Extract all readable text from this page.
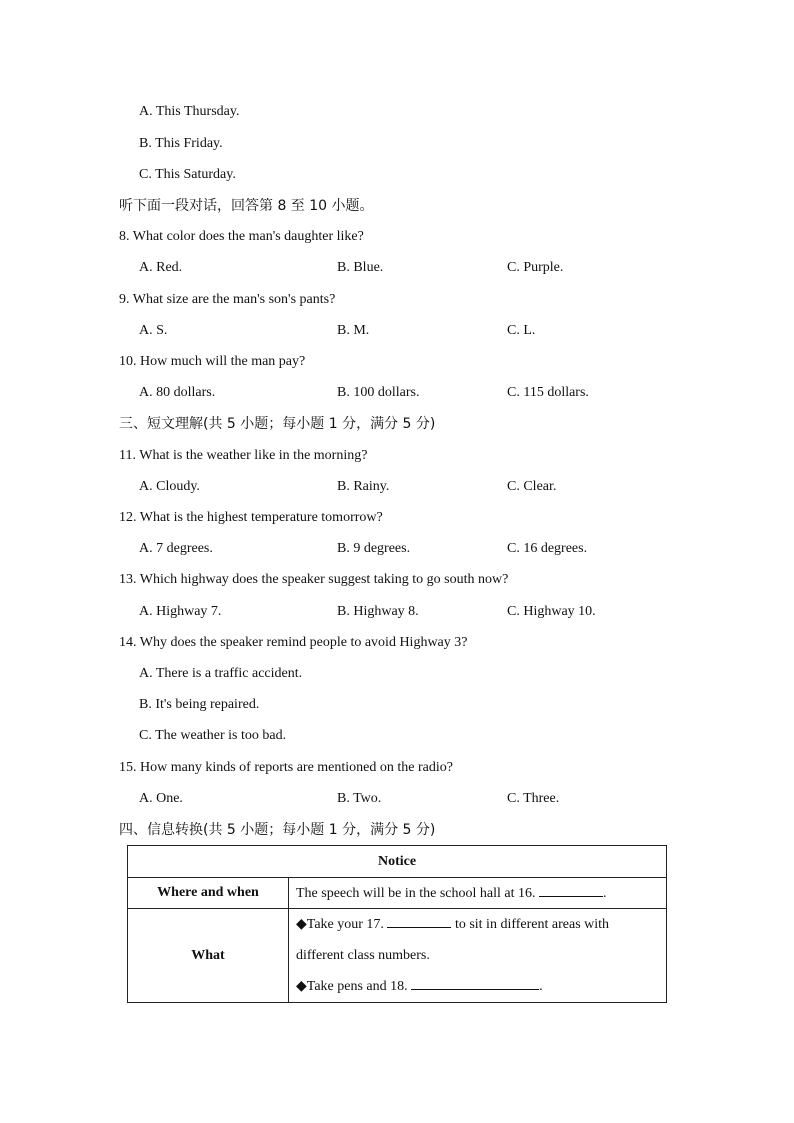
A. This Thursday.
B. This Friday.
C. This Saturday.
听下面一段对话，回答第 8 至 10 小题。
8. What color does the man's daughter like?
A. Red.	B. Blue.	C. Purple.
9. What size are the man's son's pants?
A. S.	B. M.	C. L.
10. How much will the man pay?
A. 80 dollars.	B. 100 dollars.	C. 115 dollars.
三、短文理解(共 5 小题；每小题 1 分，满分 5 分)
11. What is the weather like in the morning?
A. Cloudy.	B. Rainy.	C. Clear.
12. What is the highest temperature tomorrow?
A. 7 degrees.	B. 9 degrees.	C. 16 degrees.
13. Which highway does the speaker suggest taking to go south now?
A. Highway 7.	B. Highway 8.	C. Highway 10.
14. Why does the speaker remind people to avoid Highway 3?
A. There is a traffic accident.
B. It's being repaired.
C. The weather is too bad.
15. How many kinds of reports are mentioned on the radio?
A. One.	B. Two.	C. Three.
四、信息转换(共 5 小题；每小题 1 分，满分 5 分)
Notice	
Where and when	The speech will be in the school hall at 16. .
What	◆Take your 17. to sit in different areas with
different class numbers.
◆Take pens and 18. .
